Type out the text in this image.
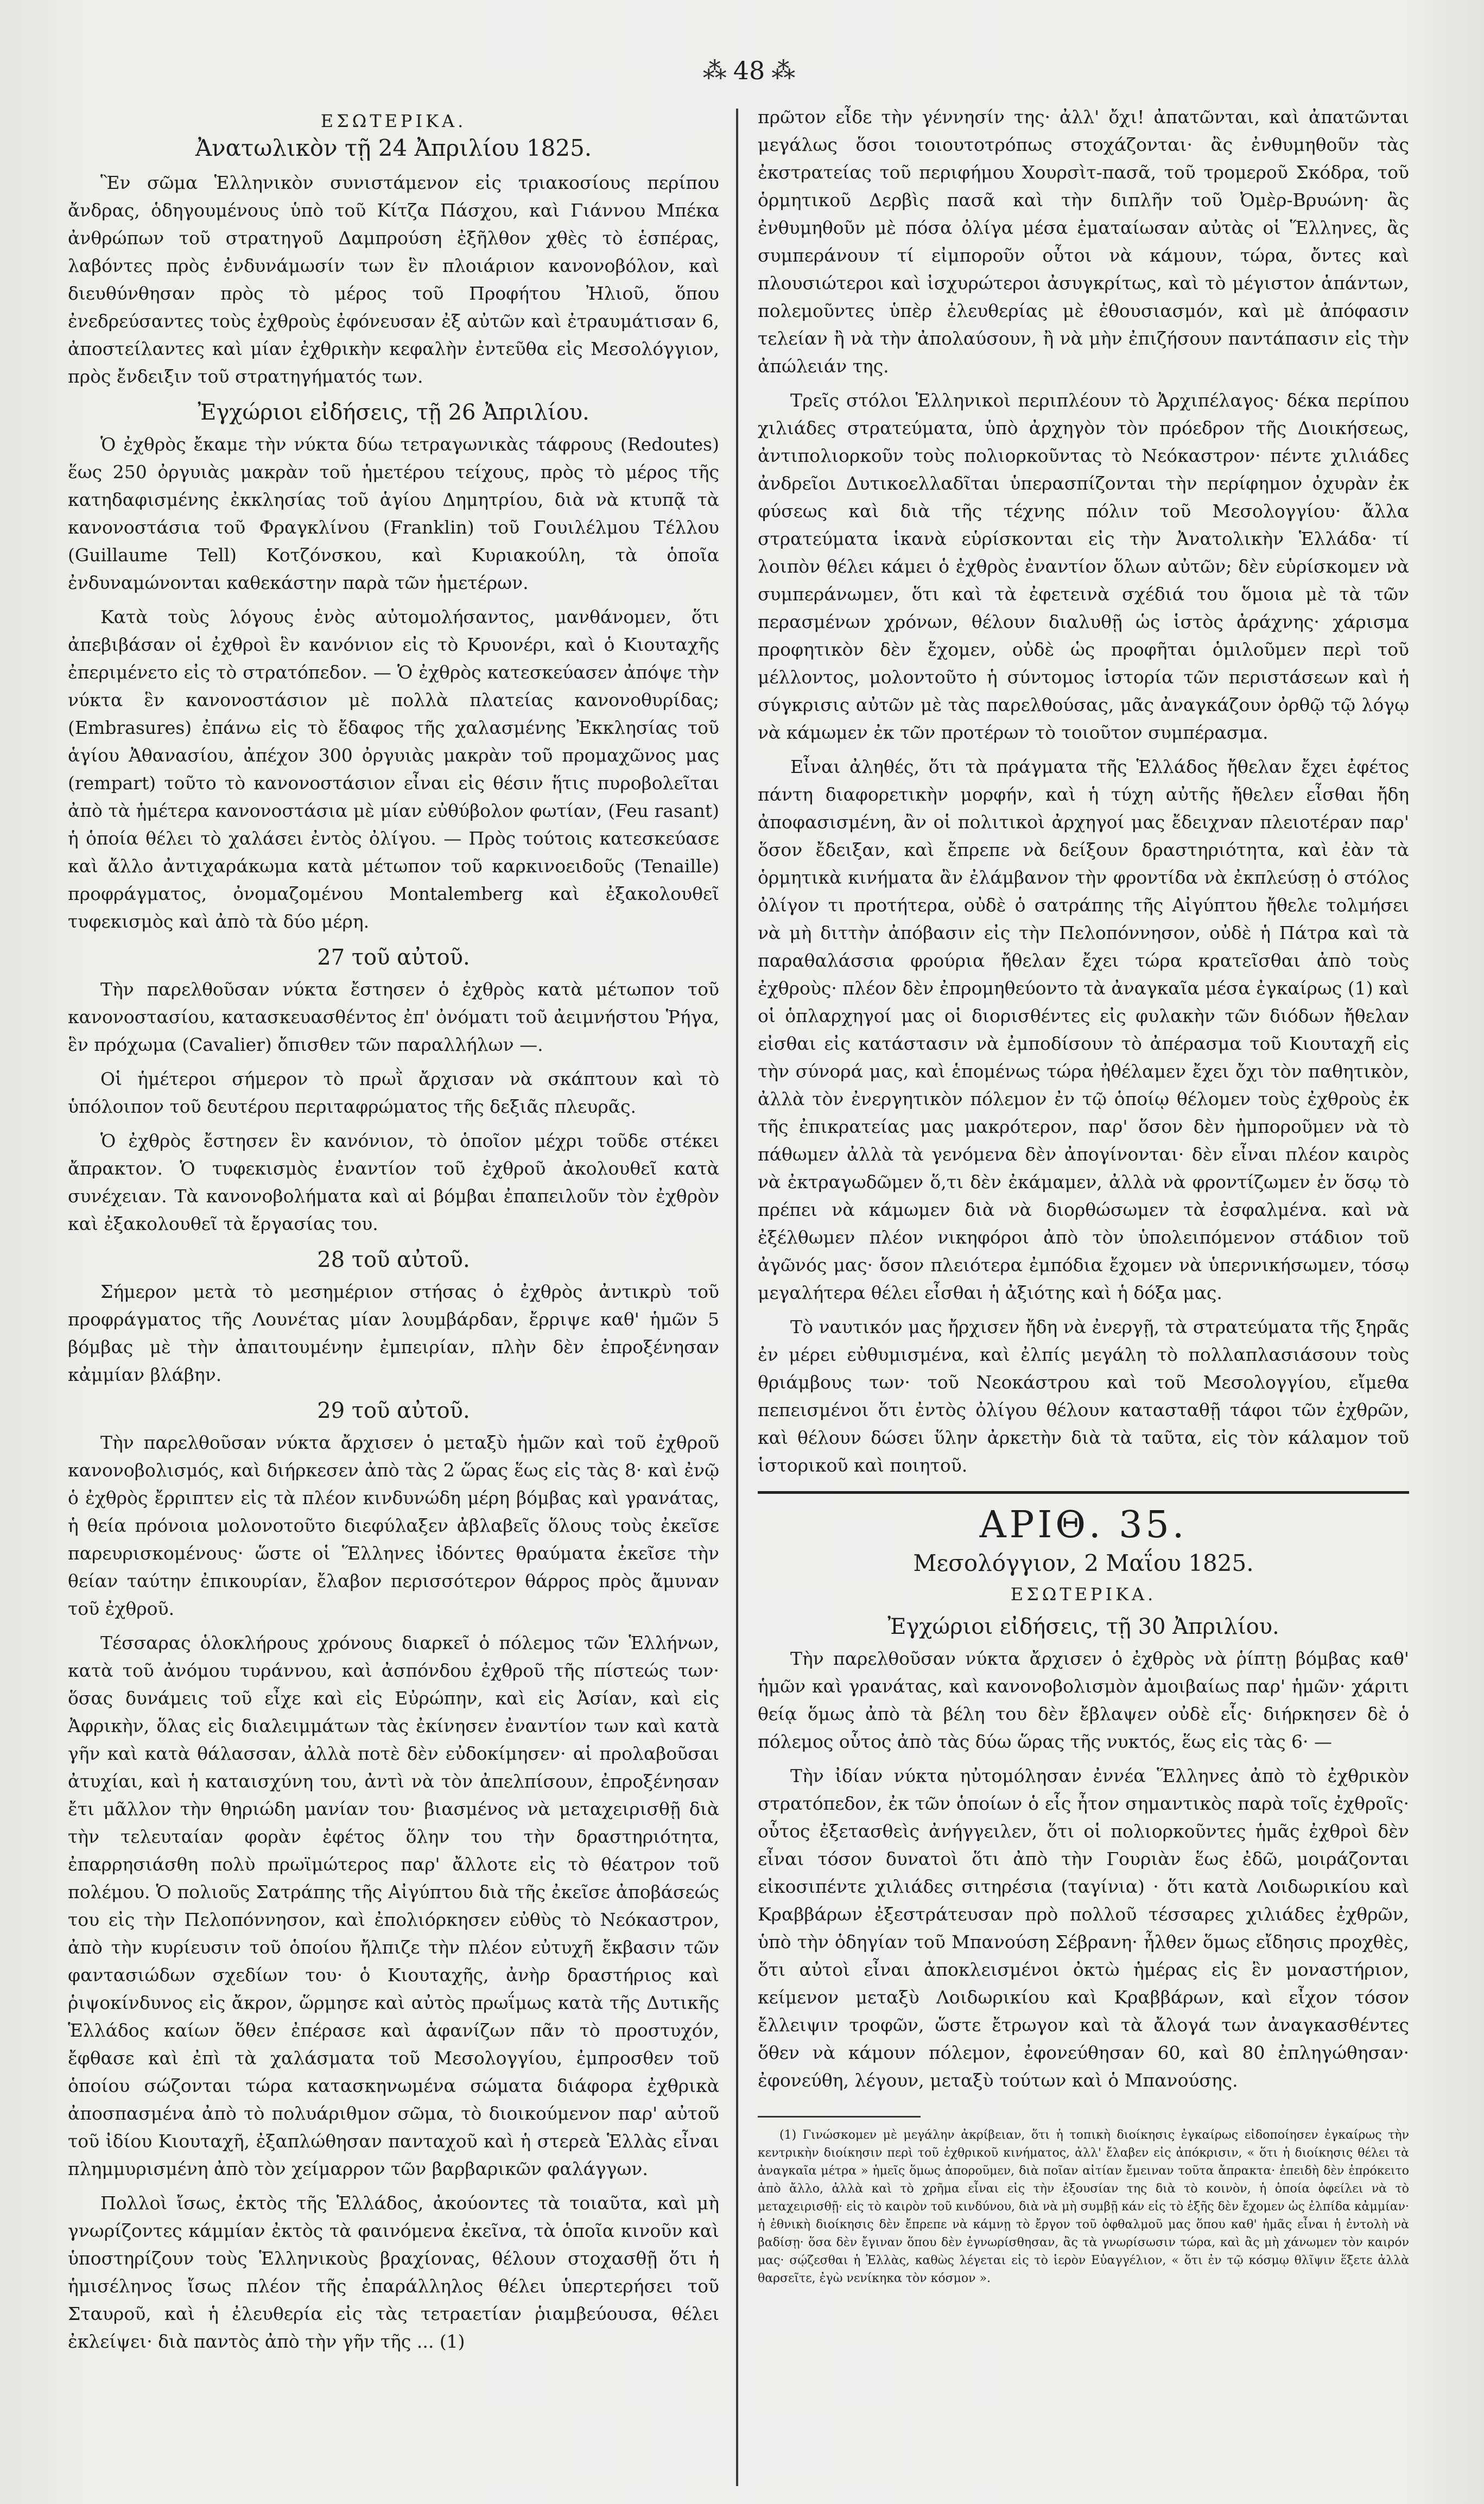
⁂ 48 ⁂
ΕΣΩΤΕΡΙΚΑ.
Ἀνατωλικὸν τῇ 24 Ἀπριλίου 1825.

Ἓν σῶμα Ἑλληνικὸν συνιστάμενον εἰς τριακοσίους περίπου ἄνδρας, ὁδηγουμένους ὑπὸ τοῦ Κίτζα Πάσχου, καὶ Γιάννου Μπέκα ἀνθρώπων τοῦ στρατηγοῦ Δαμπρούση ἐξῆλθον χθὲς τὸ ἑσπέρας, λαβόντες πρὸς ἐνδυνάμωσίν των ἓν πλοιάριον κανονοβόλον, καὶ διευθύνθησαν πρὸς τὸ μέρος τοῦ Προφήτου Ἠλιοῦ, ὅπου ἐνεδρεύσαντες τοὺς ἐχθροὺς ἐφόνευσαν ἐξ αὐτῶν καὶ ἐτραυμάτισαν 6, ἀποστείλαντες καὶ μίαν ἐχθρικὴν κεφαλὴν ἐντεῦθα εἰς Μεσολόγγιον, πρὸς ἔνδειξιν τοῦ στρατηγήματός των.

Ἐγχώριοι εἰδήσεις, τῇ 26 Ἀπριλίου.

Ὁ ἐχθρὸς ἔκαμε τὴν νύκτα δύω τετραγωνικὰς τάφρους (Redoutes) ἕως 250 ὀργυιὰς μακρὰν τοῦ ἡμετέρου τείχους, πρὸς τὸ μέρος τῆς κατηδαφισμένης ἐκκλησίας τοῦ ἁγίου Δημητρίου, διὰ νὰ κτυπᾷ τὰ κανονοστάσια τοῦ Φραγκλίνου (Franklin) τοῦ Γουιλέλμου Τέλλου (Guillaume Tell) Κοτζόνσκου, καὶ Κυριακούλη, τὰ ὁποῖα ἐνδυναμώνονται καθεκάστην παρὰ τῶν ἡμετέρων.

Κατὰ τοὺς λόγους ἑνὸς αὐτομολήσαντος, μανθάνομεν, ὅτι ἀπεβιβάσαν οἱ ἐχθροὶ ἓν κανόνιον εἰς τὸ Κρυονέρι, καὶ ὁ Κιουταχῆς ἐπεριμένετο εἰς τὸ στρατόπεδον. — Ὁ ἐχθρὸς κατεσκεύασεν ἀπόψε τὴν νύκτα ἓν κανονοστάσιον μὲ πολλὰ πλατείας κανονοθυρίδας; (Embrasures) ἐπάνω εἰς τὸ ἔδαφος τῆς χαλασμένης Ἐκκλησίας τοῦ ἁγίου Ἀθανασίου, ἀπέχον 300 ὀργυιὰς μακρὰν τοῦ προμαχῶνος μας (rempart) τοῦτο τὸ κανονοστάσιον εἶναι εἰς θέσιν ἥτις πυροβολεῖται ἀπὸ τὰ ἡμέτερα κανονοστάσια μὲ μίαν εὐθύβολον φωτίαν, (Feu rasant) ἡ ὁποία θέλει τὸ χαλάσει ἐντὸς ὀλίγου. — Πρὸς τούτοις κατεσκεύασε καὶ ἄλλο ἀντιχαράκωμα κατὰ μέτωπον τοῦ καρκινοειδοῦς (Tenaille) προφράγματος, ὀνομαζομένου Montalemberg καὶ ἐξακολουθεῖ τυφεκισμὸς καὶ ἀπὸ τὰ δύο μέρη.

27 τοῦ αὐτοῦ.

Τὴν παρελθοῦσαν νύκτα ἔστησεν ὁ ἐχθρὸς κατὰ μέτωπον τοῦ κανονοστασίου, κατασκευασθέντος ἐπ' ὀνόματι τοῦ ἀειμνήστου Ῥήγα, ἓν πρόχωμα (Cavalier) ὄπισθεν τῶν παραλλήλων —.

Οἱ ἡμέτεροι σήμερον τὸ πρωῒ ἄρχισαν νὰ σκάπτουν καὶ τὸ ὑπόλοιπον τοῦ δευτέρου περιταφρώματος τῆς δεξιᾶς πλευρᾶς.

Ὁ ἐχθρὸς ἔστησεν ἓν κανόνιον, τὸ ὁποῖον μέχρι τοῦδε στέκει ἄπρακτον. Ὁ τυφεκισμὸς ἐναντίον τοῦ ἐχθροῦ ἀκολουθεῖ κατὰ συνέχειαν. Τὰ κανονοβολήματα καὶ αἱ βόμβαι ἐπαπειλοῦν τὸν ἐχθρὸν καὶ ἐξακολουθεῖ τὰ ἔργασίας του.

28 τοῦ αὐτοῦ.

Σήμερον μετὰ τὸ μεσημέριον στήσας ὁ ἐχθρὸς ἀντικρὺ τοῦ προφράγματος τῆς Λουνέτας μίαν λουμβάρδαν, ἔρριψε καθ' ἡμῶν 5 βόμβας μὲ τὴν ἀπαιτουμένην ἐμπειρίαν, πλὴν δὲν ἐπροξένησαν κἀμμίαν βλάβην.

29 τοῦ αὐτοῦ.

Τὴν παρελθοῦσαν νύκτα ἄρχισεν ὁ μεταξὺ ἡμῶν καὶ τοῦ ἐχθροῦ κανονοβολισμός, καὶ διήρκεσεν ἀπὸ τὰς 2 ὥρας ἕως εἰς τὰς 8· καὶ ἐνῷ ὁ ἐχθρὸς ἔρριπτεν εἰς τὰ πλέον κινδυνώδη μέρη βόμβας καὶ γρανάτας, ἡ θεία πρόνοια μολονοτοῦτο διεφύλαξεν ἀβλαβεῖς ὅλους τοὺς ἐκεῖσε παρευρισκομένους· ὥστε οἱ Ἕλληνες ἰδόντες θραύματα ἐκεῖσε τὴν θείαν ταύτην ἐπικουρίαν, ἔλαβον περισσότερον θάρρος πρὸς ἄμυναν τοῦ ἐχθροῦ.

Τέσσαρας ὁλοκλήρους χρόνους διαρκεῖ ὁ πόλεμος τῶν Ἑλλήνων, κατὰ τοῦ ἀνόμου τυράννου, καὶ ἀσπόνδου ἐχθροῦ τῆς πίστεώς των· ὅσας δυνάμεις τοῦ εἶχε καὶ εἰς Εὐρώπην, καὶ εἰς Ἀσίαν, καὶ εἰς Ἀφρικὴν, ὅλας εἰς διαλειμμάτων τὰς ἐκίνησεν ἐναντίον των καὶ κατὰ γῆν καὶ κατὰ θάλασσαν, ἀλλὰ ποτὲ δὲν εὐδοκίμησεν· αἱ προλαβοῦσαι ἀτυχίαι, καὶ ἡ καταισχύνη του, ἀντὶ νὰ τὸν ἀπελπίσουν, ἐπροξένησαν ἔτι μᾶλλον τὴν θηριώδη μανίαν του· βιασμένος νὰ μεταχειρισθῇ διὰ τὴν τελευταίαν φορὰν ἐφέτος ὅλην του τὴν δραστηριότητα, ἐπαρρησιάσθη πολὺ πρωϊμώτερος παρ' ἄλλοτε εἰς τὸ θέατρον τοῦ πολέμου. Ὁ πολιοῦς Σατράπης τῆς Αἰγύπτου διὰ τῆς ἐκεῖσε ἀποβάσεώς του εἰς τὴν Πελοπόννησον, καὶ ἐπολιόρκησεν εὐθὺς τὸ Νεόκαστρον, ἀπὸ τὴν κυρίευσιν τοῦ ὁποίου ἤλπιζε τὴν πλέον εὐτυχῆ ἔκβασιν τῶν φαντασιώδων σχεδίων του· ὁ Κιουταχῆς, ἀνὴρ δραστήριος καὶ ῥιψοκίνδυνος εἰς ἄκρον, ὥρμησε καὶ αὐτὸς πρωΐμως κατὰ τῆς Δυτικῆς Ἑλλάδος καίων ὅθεν ἐπέρασε καὶ ἀφανίζων πᾶν τὸ προστυχόν, ἔφθασε καὶ ἐπὶ τὰ χαλάσματα τοῦ Μεσολογγίου, ἐμπροσθεν τοῦ ὁποίου σώζονται τώρα κατασκηνωμένα σώματα διάφορα ἐχθρικὰ ἀποσπασμένα ἀπὸ τὸ πολυάριθμον σῶμα, τὸ διοικούμενον παρ' αὐτοῦ τοῦ ἰδίου Κιουταχῆ, ἐξαπλώθησαν πανταχοῦ καὶ ἡ στερεὰ Ἑλλὰς εἶναι πλημμυρισμένη ἀπὸ τὸν χείμαρρον τῶν βαρβαρικῶν φαλάγγων.

Πολλοὶ ἴσως, ἐκτὸς τῆς Ἑλλάδος, ἀκούοντες τὰ τοιαῦτα, καὶ μὴ γνωρίζοντες κάμμίαν ἐκτὸς τὰ φαινόμενα ἐκεῖνα, τὰ ὁποῖα κινοῦν καὶ ὑποστηρίζουν τοὺς Ἑλληνικοὺς βραχίονας, θέλουν στοχασθῇ ὅτι ἡ ἡμισέληνος ἴσως πλέον τῆς ἐπαράλληλος θέλει ὑπερτερήσει τοῦ Σταυροῦ, καὶ ἡ ἐλευθερία εἰς τὰς τετραετίαν ῥιαμβεύουσα, θέλει ἐκλείψει· διὰ παντὸς ἀπὸ τὴν γῆν τῆς ... (1)

πρῶτον εἶδε τὴν γέννησίν της· ἀλλ' ὄχι! ἀπατῶνται, καὶ ἀπατῶνται μεγάλως ὅσοι τοιουτοτρόπως στοχάζονται· ἂς ἐνθυμηθοῦν τὰς ἐκστρατείας τοῦ περιφήμου Χουρσὶτ-πασᾶ, τοῦ τρομεροῦ Σκόδρα, τοῦ ὁρμητικοῦ Δερβὶς πασᾶ καὶ τὴν διπλῆν τοῦ Ὀμὲρ-Βρυώνη· ἂς ἐνθυμηθοῦν μὲ πόσα ὀλίγα μέσα ἐματαίωσαν αὐτὰς οἱ Ἕλληνες, ἂς συμπεράνουν τί εἰμποροῦν οὗτοι νὰ κάμουν, τώρα, ὄντες καὶ πλουσιώτεροι καὶ ἰσχυρώτεροι ἀσυγκρίτως, καὶ τὸ μέγιστον ἁπάντων, πολεμοῦντες ὑπὲρ ἐλευθερίας μὲ ἐθουσιασμόν, καὶ μὲ ἀπόφασιν τελείαν ἢ νὰ τὴν ἀπολαύσουν, ἢ νὰ μὴν ἐπιζήσουν παντάπασιν εἰς τὴν ἀπώλειάν της.

Τρεῖς στόλοι Ἑλληνικοὶ περιπλέουν τὸ Ἀρχιπέλαγος· δέκα περίπου χιλιάδες στρατεύματα, ὑπὸ ἀρχηγὸν τὸν πρόεδρον τῆς Διοικήσεως, ἀντιπολιορκοῦν τοὺς πολιορκοῦντας τὸ Νεόκαστρον· πέντε χιλιάδες ἀνδρεῖοι Δυτικοελλαδῖται ὑπερασπίζονται τὴν περίφημον ὀχυρὰν ἐκ φύσεως καὶ διὰ τῆς τέχνης πόλιν τοῦ Μεσολογγίου· ἄλλα στρατεύματα ἱκανὰ εὑρίσκονται εἰς τὴν Ἀνατολικὴν Ἑλλάδα· τί λοιπὸν θέλει κάμει ὁ ἐχθρὸς ἐναντίον ὅλων αὐτῶν; δὲν εὑρίσκομεν νὰ συμπεράνωμεν, ὅτι καὶ τὰ ἐφετεινὰ σχέδιά του ὅμοια μὲ τὰ τῶν περασμένων χρόνων, θέλουν διαλυθῇ ὡς ἱστὸς ἀράχνης· χάρισμα προφητικὸν δὲν ἔχομεν, οὐδὲ ὡς προφῆται ὁμιλοῦμεν περὶ τοῦ μέλλοντος, μολοντοῦτο ἡ σύντομος ἱστορία τῶν περιστάσεων καὶ ἡ σύγκρισις αὐτῶν μὲ τὰς παρελθούσας, μᾶς ἀναγκάζουν ὀρθῷ τῷ λόγῳ νὰ κάμωμεν ἐκ τῶν προτέρων τὸ τοιοῦτον συμπέρασμα.

Εἶναι ἀληθές, ὅτι τὰ πράγματα τῆς Ἑλλάδος ἤθελαν ἔχει ἐφέτος πάντη διαφορετικὴν μορφήν, καὶ ἡ τύχη αὐτῆς ἤθελεν εἶσθαι ἤδη ἀποφασισμένη, ἂν οἱ πολιτικοὶ ἀρχηγοί μας ἔδειχναν πλειοτέραν παρ' ὅσον ἔδειξαν, καὶ ἔπρεπε νὰ δείξουν δραστηριότητα, καὶ ἐὰν τὰ ὁρμητικὰ κινήματα ἂν ἐλάμβανον τὴν φροντίδα νὰ ἐκπλεύσῃ ὁ στόλος ὀλίγον τι προτήτερα, οὐδὲ ὁ σατράπης τῆς Αἰγύπτου ἤθελε τολμήσει νὰ μὴ διττὴν ἀπόβασιν εἰς τὴν Πελοπόννησον, οὐδὲ ἡ Πάτρα καὶ τὰ παραθαλάσσια φρούρια ἤθελαν ἔχει τώρα κρατεῖσθαι ἀπὸ τοὺς ἐχθροὺς· πλέον δὲν ἐπρομηθεύοντο τὰ ἀναγκαῖα μέσα ἐγκαίρως (1) καὶ οἱ ὁπλαρχηγοί μας οἱ διορισθέντες εἰς φυλακὴν τῶν διόδων ἤθελαν εἰσθαι εἰς κατάστασιν νὰ ἐμποδίσουν τὸ ἀπέρασμα τοῦ Κιουταχῆ εἰς τὴν σύνορά μας, καὶ ἑπομένως τώρα ἠθέλαμεν ἔχει ὄχι τὸν παθητικὸν, ἀλλὰ τὸν ἐνεργητικὸν πόλεμον ἐν τῷ ὁποίῳ θέλομεν τοὺς ἐχθροὺς ἐκ τῆς ἐπικρατείας μας μακρότερον, παρ' ὅσον δὲν ἠμποροῦμεν νὰ τὸ πάθωμεν ἀλλὰ τὰ γενόμενα δὲν ἀπογίνονται· δὲν εἶναι πλέον καιρὸς νὰ ἐκτραγωδῶμεν ὅ,τι δὲν ἐκάμαμεν, ἀλλὰ νὰ φροντίζωμεν ἐν ὅσῳ τὸ πρέπει νὰ κάμωμεν διὰ νὰ διορθώσωμεν τὰ ἐσφαλμένα. καὶ νὰ ἐξέλθωμεν πλέον νικηφόροι ἀπὸ τὸν ὑπολειπόμενον στάδιον τοῦ ἀγῶνός μας· ὅσον πλειότερα ἐμπόδια ἔχομεν νὰ ὑπερνικήσωμεν, τόσῳ μεγαλήτερα θέλει εἶσθαι ἡ ἀξιότης καὶ ἡ δόξα μας.

Τὸ ναυτικόν μας ἤρχισεν ἤδη νὰ ἐνεργῇ, τὰ στρατεύματα τῆς ξηρᾶς ἐν μέρει εὐθυμισμένα, καὶ ἐλπίς μεγάλη τὸ πολλαπλασιάσουν τοὺς θριάμβους των· τοῦ Νεοκάστρου καὶ τοῦ Μεσολογγίου, εἴμεθα πεπεισμένοι ὅτι ἐντὸς ὀλίγου θέλουν κατασταθῇ τάφοι τῶν ἐχθρῶν, καὶ θέλουν δώσει ὕλην ἀρκετὴν διὰ τὰ ταῦτα, εἰς τὸν κάλαμον τοῦ ἱστορικοῦ καὶ ποιητοῦ.

ΑΡΙΘ. 35.
Μεσολόγγιον, 2 Μαΐου 1825.
ΕΣΩΤΕΡΙΚΑ.
Ἐγχώριοι εἰδήσεις, τῇ 30 Ἀπριλίου.

Τὴν παρελθοῦσαν νύκτα ἄρχισεν ὁ ἐχθρὸς νὰ ῥίπτῃ βόμβας καθ' ἡμῶν καὶ γρανάτας, καὶ κανονοβολισμὸν ἀμοιβαίως παρ' ἡμῶν· χάριτι θείᾳ ὅμως ἀπὸ τὰ βέλη του δὲν ἔβλαψεν οὐδὲ εἷς· διήρκησεν δὲ ὁ πόλεμος οὗτος ἀπὸ τὰς δύω ὥρας τῆς νυκτός, ἕως εἰς τὰς 6· —

Τὴν ἰδίαν νύκτα ηὐτομόλησαν ἐννέα Ἕλληνες ἀπὸ τὸ ἐχθρικὸν στρατόπεδον, ἐκ τῶν ὁποίων ὁ εἷς ἦτον σημαντικὸς παρὰ τοῖς ἐχθροῖς· οὗτος ἐξετασθεὶς ἀνήγγειλεν, ὅτι οἱ πολιορκοῦντες ἡμᾶς ἐχθροὶ δὲν εἶναι τόσον δυνατοὶ ὅτι ἀπὸ τὴν Γουριὰν ἕως ἐδῶ, μοιράζονται εἰκοσιπέντε χιλιάδες σιτηρέσια (ταγίνια) · ὅτι κατὰ Λοιδωρικίου καὶ Κραββάρων ἐξεστράτευσαν πρὸ πολλοῦ τέσσαρες χιλιάδες ἐχθρῶν, ὑπὸ τὴν ὁδηγίαν τοῦ Μπανούση Σέβρανη· ἦλθεν ὅμως εἴδησις προχθὲς, ὅτι αὐτοὶ εἶναι ἀποκλεισμένοι ὀκτὼ ἡμέρας εἰς ἓν μοναστήριον, κείμενον μεταξὺ Λοιδωρικίου καὶ Κραββάρων, καὶ εἶχον τόσον ἔλλειψιν τροφῶν, ὥστε ἔτρωγον καὶ τὰ ἄλογά των ἀναγκασθέντες ὅθεν νὰ κάμουν πόλεμον, ἐφονεύθησαν 60, καὶ 80 ἐπληγώθησαν· ἐφονεύθη, λέγουν, μεταξὺ τούτων καὶ ὁ Μπανούσης.

(1) Γινώσκομεν μὲ μεγάλην ἀκρίβειαν, ὅτι ἡ τοπικὴ διοίκησις ἐγκαίρως εἰδοποίησεν ἐγκαίρως τὴν κεντρικὴν διοίκησιν περὶ τοῦ ἐχθρικοῦ κινήματος, ἀλλ' ἔλαβεν εἰς ἀπόκρισιν, « ὅτι ἡ διοίκησις θέλει τὰ ἀναγκαῖα μέτρα » ἡμεῖς ὅμως ἀποροῦμεν, διὰ ποῖαν αἰτίαν ἔμειναν τοῦτα ἄπρακτα· ἐπειδὴ δὲν ἐπρόκειτο ἀπὸ ἄλλο, ἀλλὰ καὶ τὸ χρῆμα εἶναι εἰς τὴν ἐξουσίαν της διὰ τὸ κοινὸν, ἡ ὁποία ὀφείλει νὰ τὸ μεταχειρισθῇ· εἰς τὸ καιρὸν τοῦ κινδύνου, διὰ νὰ μὴ συμβῇ κάν εἰς τὸ ἑξῆς δὲν ἔχομεν ὡς ἐλπίδα κἀμμίαν· ἡ ἐθνικὴ διοίκησις δὲν ἔπρεπε νὰ κάμνῃ τὸ ἔργον τοῦ ὀφθαλμοῦ μας ὅπου καθ' ἡμᾶς εἶναι ἡ ἐντολὴ νὰ βαδίσῃ· ὅσα δὲν ἔγιναν ὅπου δὲν ἐγνωρίσθησαν, ἂς τὰ γνωρίσωσιν τώρα, καὶ ἂς μὴ χάνωμεν τὸν καιρόν μας· σῴζεσθαι ἡ Ἑλλὰς, καθὼς λέγεται εἰς τὸ ἱερὸν Εὐαγγέλιον, « ὅτι ἐν τῷ κόσμῳ θλῖψιν ἕξετε ἀλλὰ θαρσεῖτε, ἐγὼ νενίκηκα τὸν κόσμον ».
